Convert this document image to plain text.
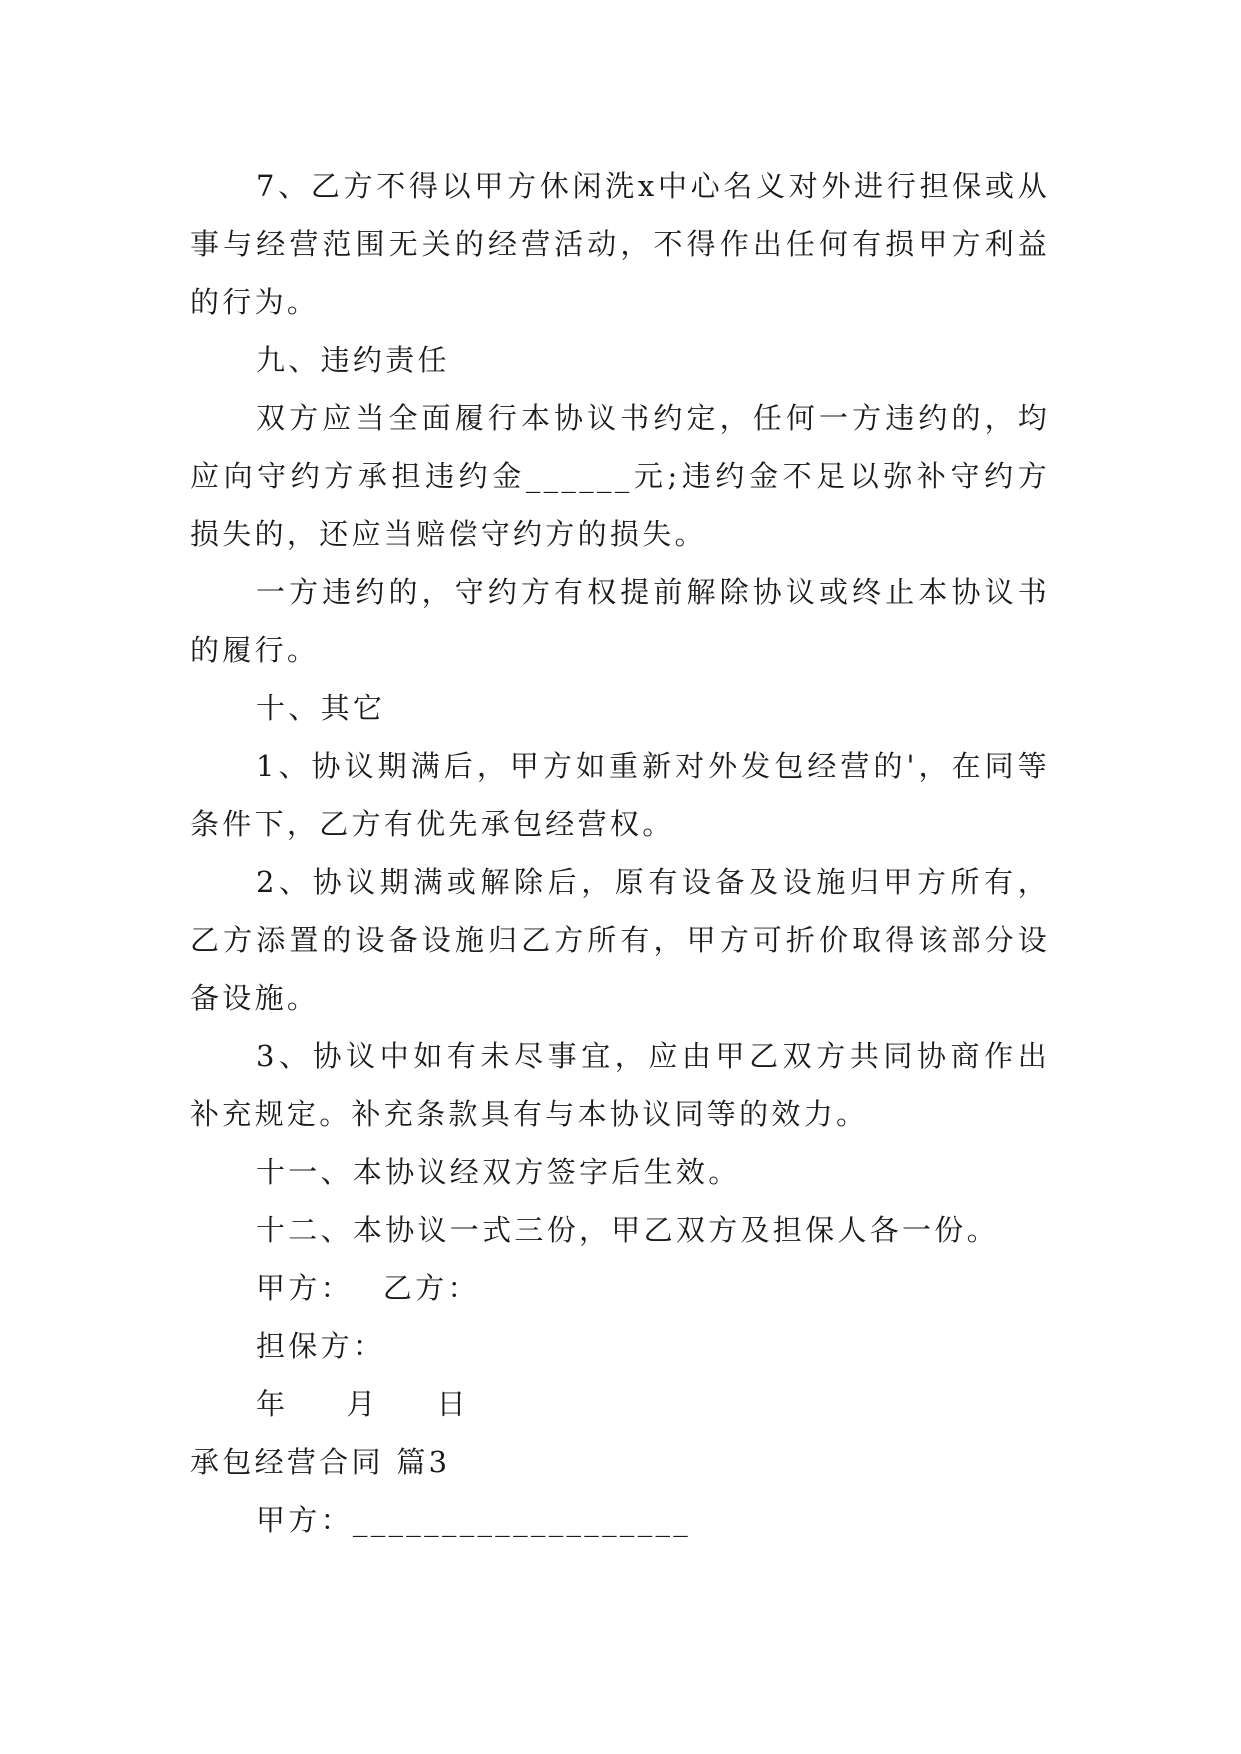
7、乙方不得以甲方休闲洗x中心名义对外进行担保或从事与经营范围无关的经营活动，不得作出任何有损甲方利益的行为。

九、违约责任

双方应当全面履行本协议书约定，任何一方违约的，均应向守约方承担违约金______元;违约金不足以弥补守约方损失的，还应当赔偿守约方的损失。

一方违约的，守约方有权提前解除协议或终止本协议书的履行。

十、其它

1、协议期满后，甲方如重新对外发包经营的'，在同等条件下，乙方有优先承包经营权。

2、协议期满或解除后，原有设备及设施归甲方所有，乙方添置的设备设施归乙方所有，甲方可折价取得该部分设备设施。

3、协议中如有未尽事宜，应由甲乙双方共同协商作出补充规定。补充条款具有与本协议同等的效力。

十一、本协议经双方签字后生效。

十二、本协议一式三份，甲乙双方及担保人各一份。

甲方： 乙方：

担保方：

年 月 日

承包经营合同 篇3

甲方：___________________
